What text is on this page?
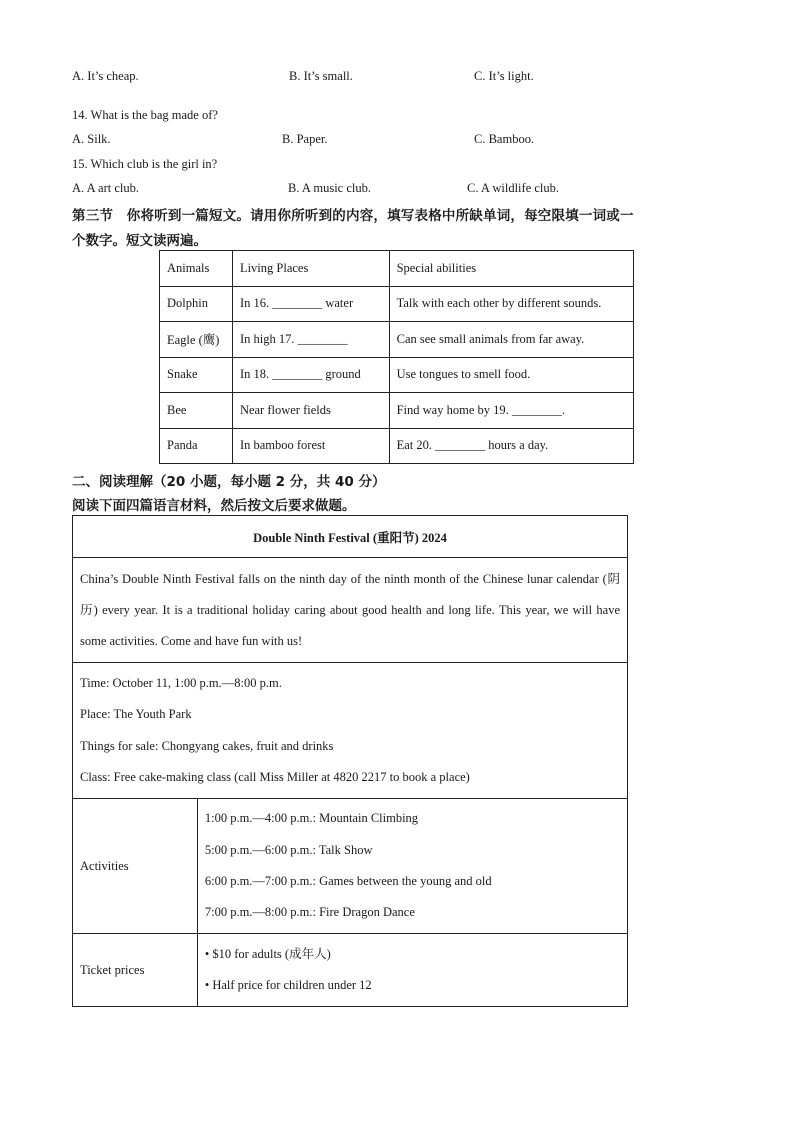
A. It’s cheap.	B. It’s small.	C. It’s light.
14. What is the bag made of?
A. Silk.	B. Paper.	C. Bamboo.
15. Which club is the girl in?
A. A art club.	B. A music club.	C. A wildlife club.
第三节　你将听到一篇短文。请用你所听到的内容，填写表格中所缺单词，每空限填一词或一
个数字。短文读两遍。
Animals	Living Places	Special abilities
Dolphin	In 16. ________ water	Talk with each other by different sounds.
Eagle (鹰)	In high 17. ________	Can see small animals from far away.
Snake	In 18. ________ ground	Use tongues to smell food.
Bee	Near flower fields	Find way home by 19. ________.
Panda	In bamboo forest	Eat 20. ________ hours a day.
二、阅读理解（20 小题，每小题 2 分，共 40 分）
阅读下面四篇语言材料，然后按文后要求做题。
Double Ninth Festival (重阳节) 2024	
China’s Double Ninth Festival falls on the ninth day of the ninth month of the Chinese lunar calendar (阴历) every year. It is a traditional holiday caring about good health and long life. This year, we will have some activities. Come and have fun with us!	

Time: October 11, 1:00 p.m.—8:00 p.m.
Place: The Youth Park
Things for sale: Chongyang cakes, fruit and drinks
Class: Free cake-making class (call Miss Miller at 4820 2217 to book a place)	

Activities	1:00 p.m.—4:00 p.m.: Mountain Climbing
5:00 p.m.—6:00 p.m.: Talk Show
6:00 p.m.—7:00 p.m.: Games between the young and old
7:00 p.m.—8:00 p.m.: Fire Dragon Dance

Ticket prices	• $10 for adults (成年人)
• Half price for children under 12
